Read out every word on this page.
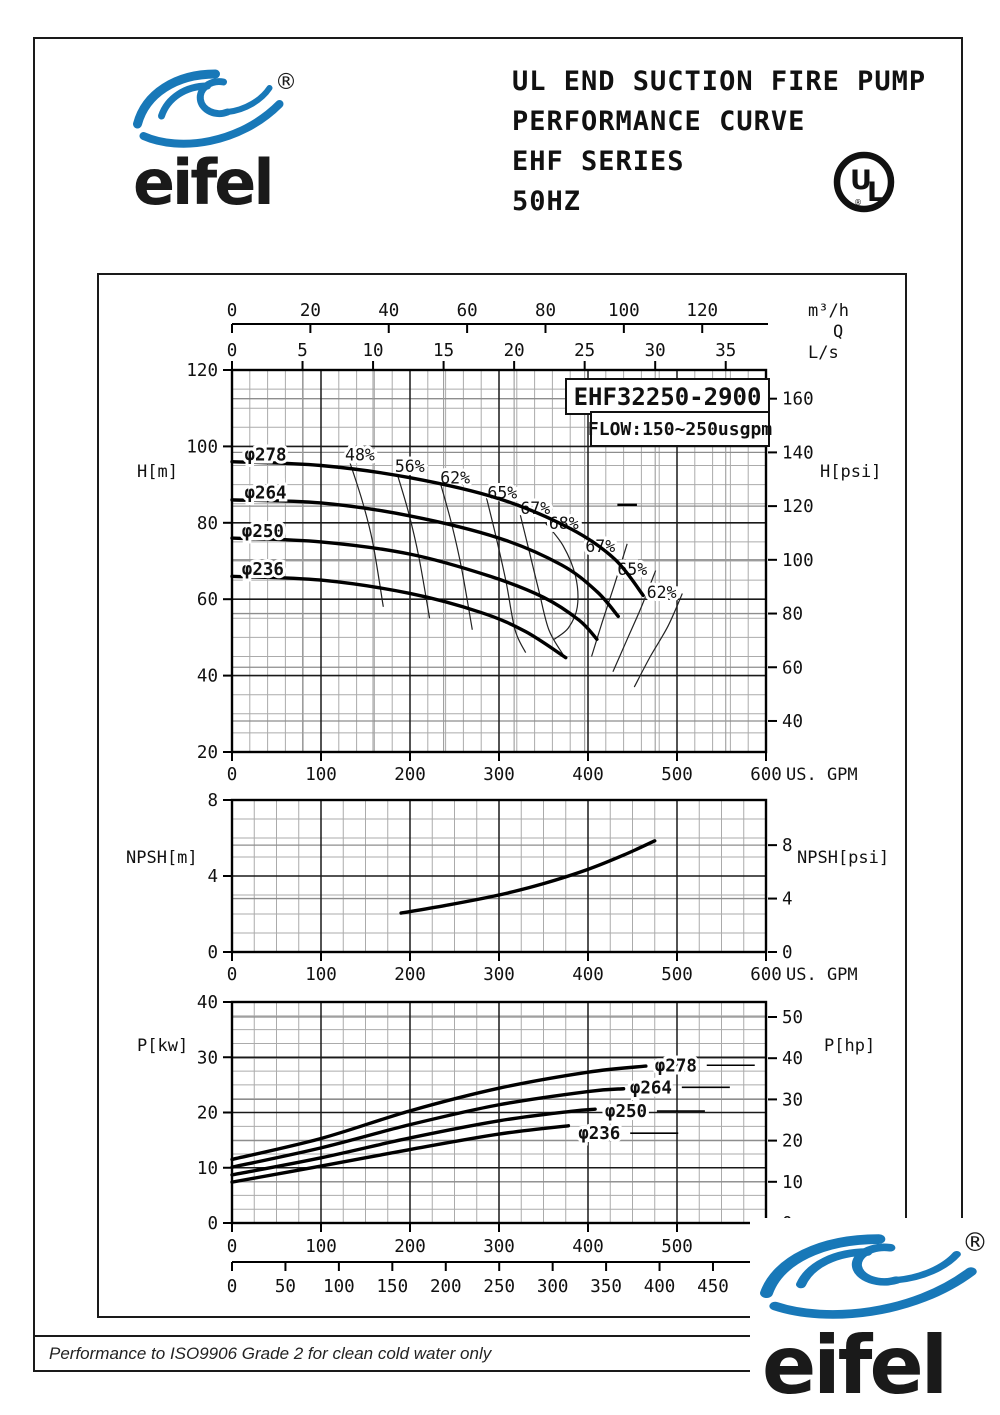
®
eifel
UL END SUCTION FIRE PUMP
PERFORMANCE CURVE
EHF SERIES
50HZ
U
L
®
0	100	200	300	400	500	600
20
40
60
80
100
120
40
60
80
100
120
140
160
0	20	40	60	80	100	120
0	5	10	15	20	25	30	35
48%
56%
62%
65%
67%
68%
67%
65%
62%
φ278
φ264
φ250
φ236
0	100	200	300	400	500	600
0
4
8
0
4
8
0	100	200	300	400	500
0
10
20
30
40
10
20
30
40
50
φ278
φ264
φ250
φ236
0 50 100 150 200 250 300 350 400 450
m³/h
Q
L/s
H[m]	H[psi]
US. GPM
NPSH[m]	NPSH[psi]
US. GPM
P[kw]	P[hp]
EHF32250-2900
FLOW:150~250usgpm
Performance to ISO9906 Grade 2 for clean cold water only
®
eifel
